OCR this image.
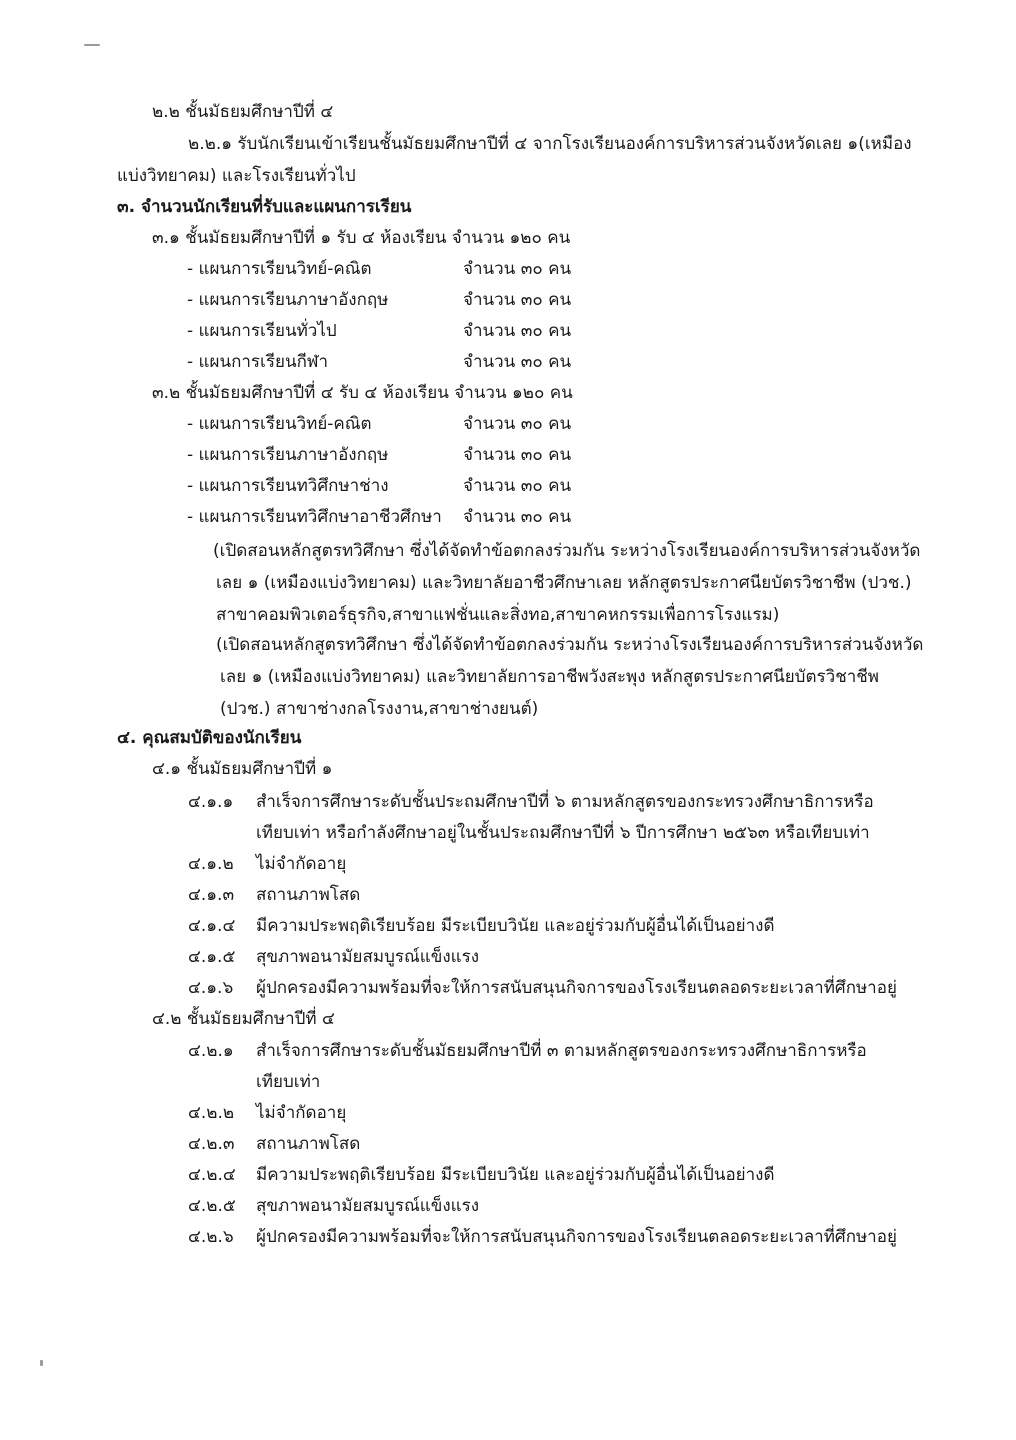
๒.๒ ชั้นมัธยมศึกษาปีที่ ๔
๒.๒.๑ รับนักเรียนเข้าเรียนชั้นมัธยมศึกษาปีที่ ๔ จากโรงเรียนองค์การบริหารส่วนจังหวัดเลย ๑(เหมือง
แบ่งวิทยาคม) และโรงเรียนทั่วไป
๓. จำนวนนักเรียนที่รับและแผนการเรียน
๓.๑ ชั้นมัธยมศึกษาปีที่ ๑ รับ ๔ ห้องเรียน จำนวน ๑๒๐ คน
- แผนการเรียนวิทย์-คณิต	จำนวน ๓๐ คน
- แผนการเรียนภาษาอังกฤษ	จำนวน ๓๐ คน
- แผนการเรียนทั่วไป	จำนวน ๓๐ คน
- แผนการเรียนกีฬา	จำนวน ๓๐ คน
๓.๒ ชั้นมัธยมศึกษาปีที่ ๔ รับ ๔ ห้องเรียน จำนวน ๑๒๐ คน
- แผนการเรียนวิทย์-คณิต	จำนวน ๓๐ คน
- แผนการเรียนภาษาอังกฤษ	จำนวน ๓๐ คน
- แผนการเรียนทวิศึกษาช่าง	จำนวน ๓๐ คน
- แผนการเรียนทวิศึกษาอาชีวศึกษา จำนวน ๓๐ คน
(เปิดสอนหลักสูตรทวิศึกษา ซึ่งได้จัดทำข้อตกลงร่วมกัน ระหว่างโรงเรียนองค์การบริหารส่วนจังหวัด
เลย ๑ (เหมืองแบ่งวิทยาคม) และวิทยาลัยอาชีวศึกษาเลย หลักสูตรประกาศนียบัตรวิชาชีพ (ปวช.)
สาขาคอมพิวเตอร์ธุรกิจ,สาขาแฟชั่นและสิ่งทอ,สาขาคหกรรมเพื่อการโรงแรม)
(เปิดสอนหลักสูตรทวิศึกษา ซึ่งได้จัดทำข้อตกลงร่วมกัน ระหว่างโรงเรียนองค์การบริหารส่วนจังหวัด
เลย ๑ (เหมืองแบ่งวิทยาคม) และวิทยาลัยการอาชีพวังสะพุง หลักสูตรประกาศนียบัตรวิชาชีพ
(ปวช.) สาขาช่างกลโรงงาน,สาขาช่างยนต์)
๔. คุณสมบัติของนักเรียน
๔.๑ ชั้นมัธยมศึกษาปีที่ ๑
๔.๑.๑ สำเร็จการศึกษาระดับชั้นประถมศึกษาปีที่ ๖ ตามหลักสูตรของกระทรวงศึกษาธิการหรือ
เทียบเท่า หรือกำลังศึกษาอยู่ในชั้นประถมศึกษาปีที่ ๖ ปีการศึกษา ๒๕๖๓ หรือเทียบเท่า
๔.๑.๒ ไม่จำกัดอายุ
๔.๑.๓ สถานภาพโสด
๔.๑.๔ มีความประพฤติเรียบร้อย มีระเบียบวินัย และอยู่ร่วมกับผู้อื่นได้เป็นอย่างดี
๔.๑.๕ สุขภาพอนามัยสมบูรณ์แข็งแรง
๔.๑.๖ ผู้ปกครองมีความพร้อมที่จะให้การสนับสนุนกิจการของโรงเรียนตลอดระยะเวลาที่ศึกษาอยู่
๔.๒ ชั้นมัธยมศึกษาปีที่ ๔
๔.๒.๑ สำเร็จการศึกษาระดับชั้นมัธยมศึกษาปีที่ ๓ ตามหลักสูตรของกระทรวงศึกษาธิการหรือ
เทียบเท่า
๔.๒.๒ ไม่จำกัดอายุ
๔.๒.๓ สถานภาพโสด
๔.๒.๔ มีความประพฤติเรียบร้อย มีระเบียบวินัย และอยู่ร่วมกับผู้อื่นได้เป็นอย่างดี
๔.๒.๕ สุขภาพอนามัยสมบูรณ์แข็งแรง
๔.๒.๖ ผู้ปกครองมีความพร้อมที่จะให้การสนับสนุนกิจการของโรงเรียนตลอดระยะเวลาที่ศึกษาอยู่
